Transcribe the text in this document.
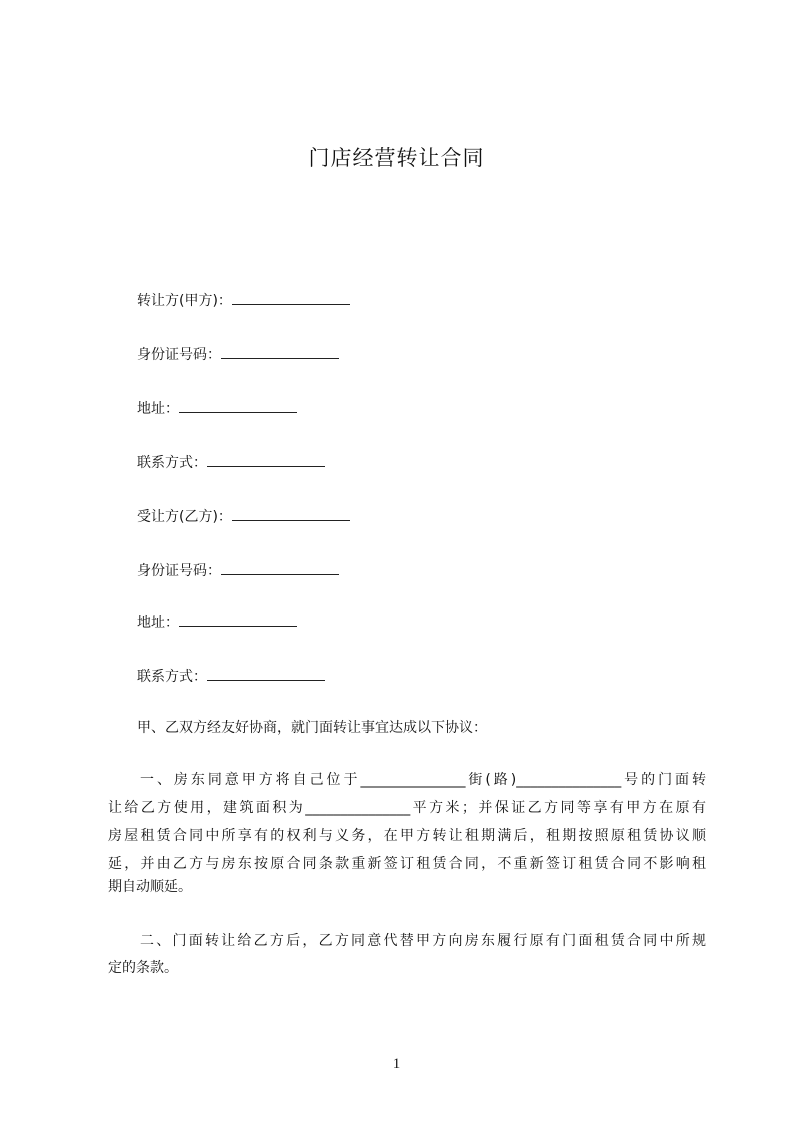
门店经营转让合同
转让方(甲方)：
身份证号码：
地址：
联系方式：
受让方(乙方)：
身份证号码：
地址：
联系方式：
甲、乙双方经友好协商，就门面转让事宜达成以下协议：
一、房东同意甲方将自己位于_______________街(路)_______________号的门面转
让给乙方使用，建筑面积为_______________平方米；并保证乙方同等享有甲方在原有
房屋租赁合同中所享有的权利与义务，在甲方转让租期满后，租期按照原租赁协议顺
延，并由乙方与房东按原合同条款重新签订租赁合同，不重新签订租赁合同不影响租
期自动顺延。
二、门面转让给乙方后，乙方同意代替甲方向房东履行原有门面租赁合同中所规
定的条款。
1
